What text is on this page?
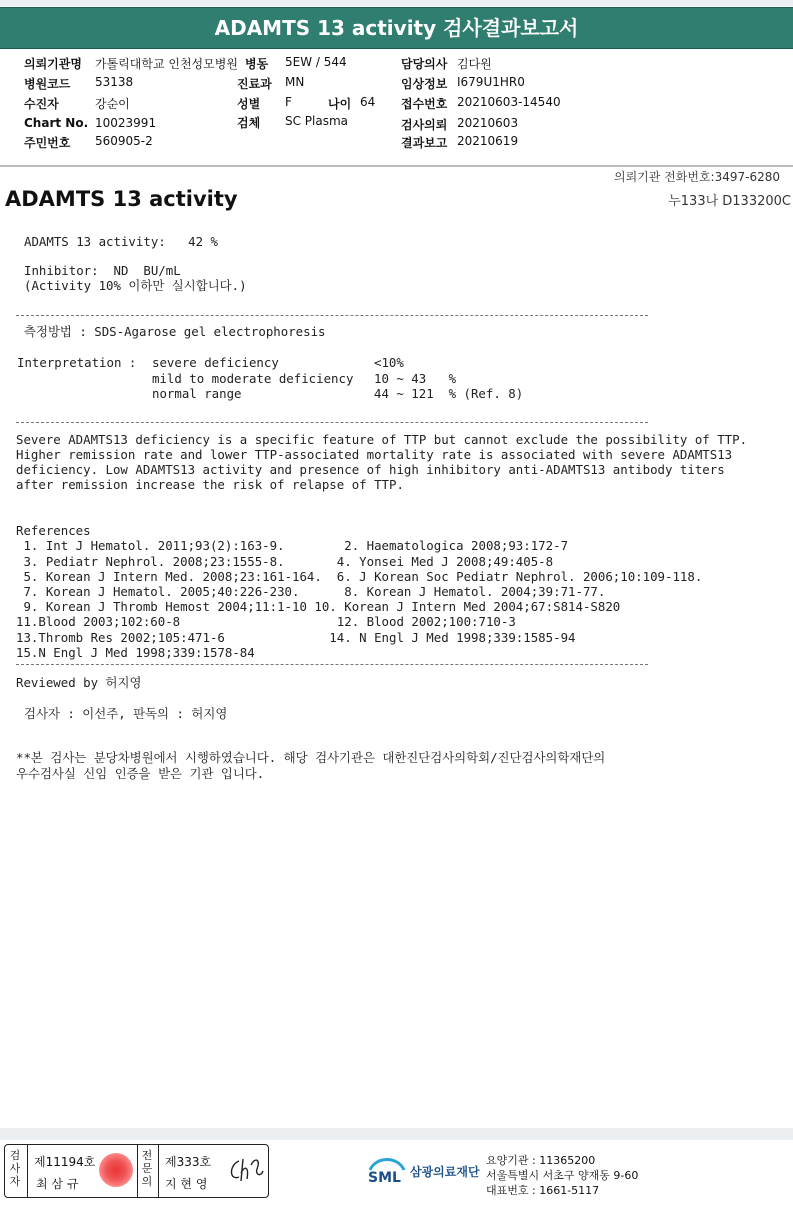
ADAMTS 13 activity 검사결과보고서
의뢰기관명 가톨릭대학교 인천성모병원 병동 5EW / 544	담당의사 김다원
병원코드 53138	진료과 MN	임상정보 I679U1HR0
수진자	강순이	성별 F	나이 64 접수번호 20210603-14540
Chart No. 10023991	검체 SC Plasma	검사의뢰 20210603
주민번호 560905-2	결과보고 20210619
의뢰기관 전화번호:3497-6280
누133나 D133200C
ADAMTS 13 activity
ADAMTS 13 activity:   42 %
Inhibitor:  ND  BU/mL
(Activity 10% 이하만 실시합니다.)
측정방법 : SDS-Agarose gel electrophoresis
Interpretation : severe deficiency	<10%
mild to moderate deficiency 10 ~ 43   %
normal range	44 ~ 121  % (Ref. 8)
Severe ADAMTS13 deficiency is a specific feature of TTP but cannot exclude the possibility of TTP.
Higher remission rate and lower TTP-associated mortality rate is associated with severe ADAMTS13
deficiency. Low ADAMTS13 activity and presence of high inhibitory anti-ADAMTS13 antibody titers
after remission increase the risk of relapse of TTP.
References
1. Int J Hematol. 2011;93(2):163-9.        2. Haematologica 2008;93:172-7
3. Pediatr Nephrol. 2008;23:1555-8.       4. Yonsei Med J 2008;49:405-8
5. Korean J Intern Med. 2008;23:161-164.  6. J Korean Soc Pediatr Nephrol. 2006;10:109-118.
7. Korean J Hematol. 2005;40:226-230.      8. Korean J Hematol. 2004;39:71-77.
9. Korean J Thromb Hemost 2004;11:1-10 10. Korean J Intern Med 2004;67:S814-S820
11.Blood 2003;102:60-8                     12. Blood 2002;100:710-3
13.Thromb Res 2002;105:471-6              14. N Engl J Med 1998;339:1585-94
15.N Engl J Med 1998;339:1578-84
Reviewed by 허지영
검사자 : 이선주, 판독의 : 허지영
**본 검사는 분당차병원에서 시행하였습니다. 해당 검사기관은 대한진단검사의학회/진단검사의학재단의
우수검사실 신임 인증을 받은 기관 입니다.
검
사
자
제11194호
최 삼 규
전
문
의
제333호
지 현 영	SML 삼광의료재단
요양기관 : 11365200
서울특별시 서초구 양재동 9-60
대표번호 : 1661-5117
